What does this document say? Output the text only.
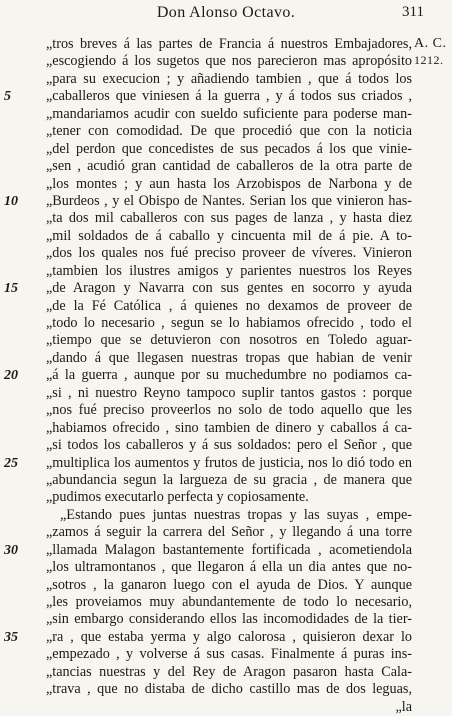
Don Alonso Octavo.	311
A. C.
1212.
„tros breves á las partes de Francia á nuestros Embajadores,
„escogiendo á los sugetos que nos parecieron mas apropósito
„para su execucion ; y añadiendo tambien , que á todos los
5 „caballeros que viniesen á la guerra , y á todos sus criados ,
„mandariamos acudir con sueldo suficiente para poderse man-
„tener con comodidad. De que procedió que con la noticia
„del perdon que concedistes de sus pecados á los que vinie-
„sen , acudió gran cantidad de caballeros de la otra parte de
„los montes ; y aun hasta los Arzobispos de Narbona y de
10 „Burdeos , y el Obispo de Nantes. Serian los que vinieron has-
„ta dos mil caballeros con sus pages de lanza , y hasta diez
„mil soldados de á caballo y cincuenta mil de á pie. A to-
„dos los quales nos fué preciso proveer de víveres. Vinieron
„tambien los ilustres amigos y parientes nuestros los Reyes
15 „de Aragon y Navarra con sus gentes en socorro y ayuda
„de la Fé Católica , á quienes no dexamos de proveer de
„todo lo necesario , segun se lo habiamos ofrecido , todo el
„tiempo que se detuvieron con nosotros en Toledo aguar-
„dando á que llegasen nuestras tropas que habian de venir
20 „á la guerra , aunque por su muchedumbre no podiamos ca-
„si , ni nuestro Reyno tampoco suplir tantos gastos : porque
„nos fué preciso proveerlos no solo de todo aquello que les
„habiamos ofrecido , sino tambien de dinero y caballos á ca-
„si todos los caballeros y á sus soldados: pero el Señor , que
25 „multiplica los aumentos y frutos de justicia, nos lo dió todo en
„abundancia segun la largueza de su gracia , de manera que
„pudimos executarlo perfecta y copiosamente.
„Estando pues juntas nuestras tropas y las suyas , empe-
„zamos á seguir la carrera del Señor , y llegando á una torre
30 „llamada Malagon bastantemente fortificada , acometiendola
„los ultramontanos , que llegaron á ella un dia antes que no-
„sotros , la ganaron luego con el ayuda de Dios. Y aunque
„les proveiamos muy abundantemente de todo lo necesario,
„sin embargo considerando ellos las incomodidades de la tier-
35 „ra , que estaba yerma y algo calorosa , quisieron dexar lo
„empezado , y volverse á sus casas. Finalmente á puras ins-
„tancias nuestras y del Rey de Aragon pasaron hasta Cala-
„trava , que no distaba de dicho castillo mas de dos leguas,
„la
